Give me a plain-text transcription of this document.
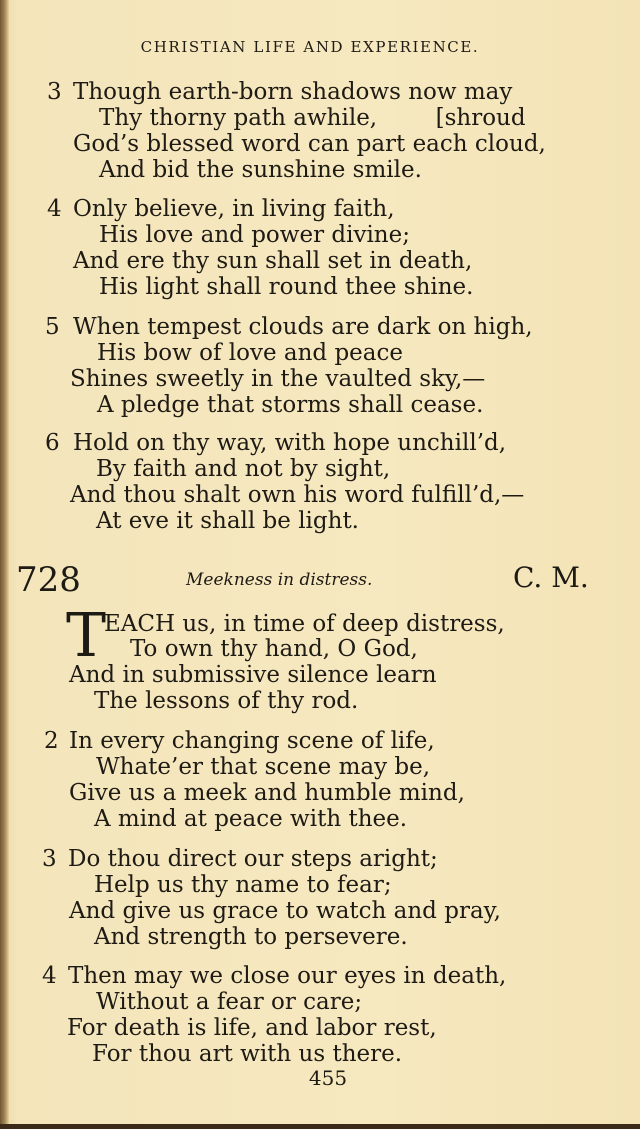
CHRISTIAN LIFE AND EXPERIENCE.
3 Though earth-born shadows now may
Thy thorny path awhile,        [shroud
God’s blessed word can part each cloud,
And bid the sunshine smile.
4 Only believe, in living faith,
His love and power divine;
And ere thy sun shall set in death,
His light shall round thee shine.
5 When tempest clouds are dark on high,
His bow of love and peace
Shines sweetly in the vaulted sky,—
A pledge that storms shall cease.
6 Hold on thy way, with hope unchill’d,
By faith and not by sight,
And thou shalt own his word fulfill’d,—
At eve it shall be light.
728	Meekness in distress.	C. M.
T
EACH us, in time of deep distress,
To own thy hand, O God,
And in submissive silence learn
The lessons of thy rod.
2 In every changing scene of life,
Whate’er that scene may be,
Give us a meek and humble mind,
A mind at peace with thee.
3 Do thou direct our steps aright;
Help us thy name to fear;
And give us grace to watch and pray,
And strength to persevere.
4 Then may we close our eyes in death,
Without a fear or care;
For death is life, and labor rest,
For thou art with us there.
455
